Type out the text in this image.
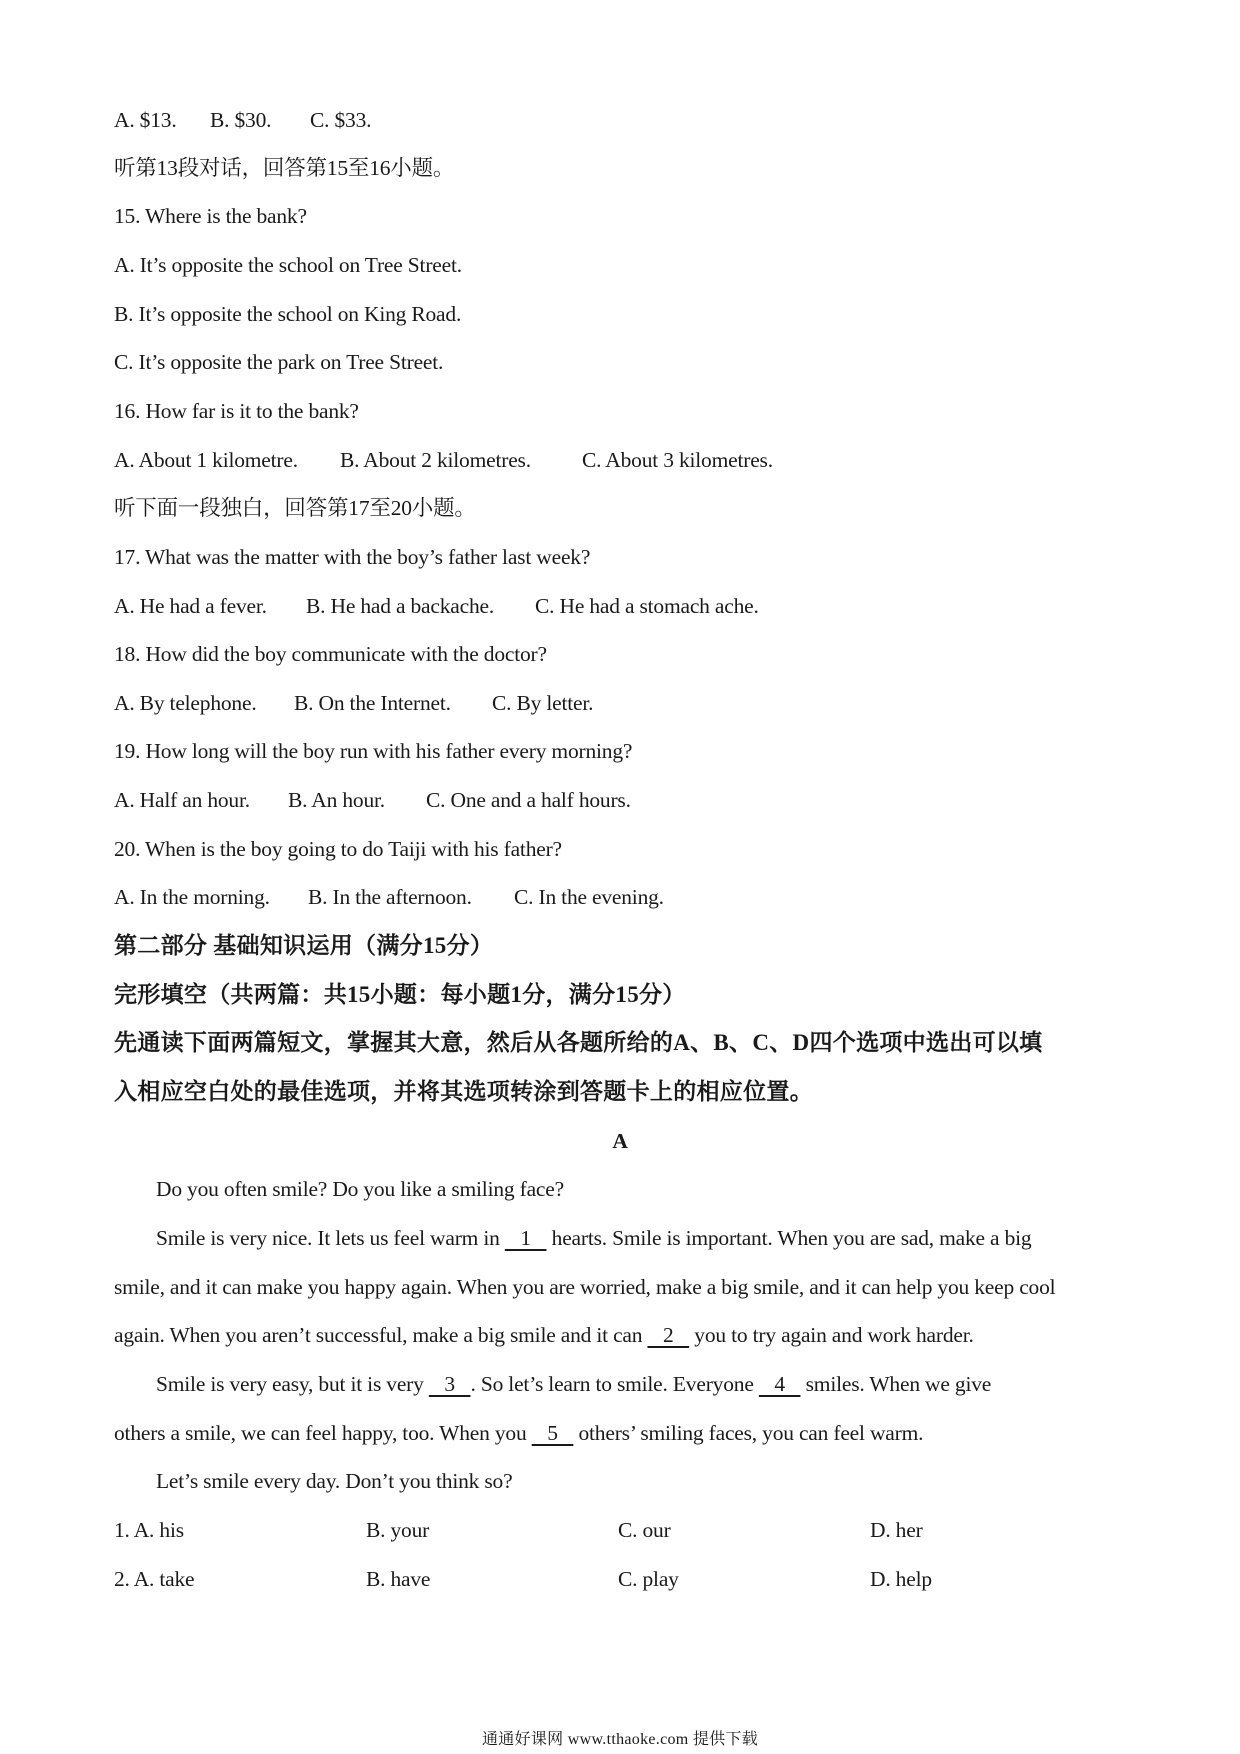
A. $13. B. $30. C. $33.
听第13段对话，回答第15至16小题。
15. Where is the bank?
A. It’s opposite the school on Tree Street.
B. It’s opposite the school on King Road.
C. It’s opposite the park on Tree Street.
16. How far is it to the bank?
A. About 1 kilometre. B. About 2 kilometres. C. About 3 kilometres.
听下面一段独白，回答第17至20小题。
17. What was the matter with the boy’s father last week?
A. He had a fever. B. He had a backache. C. He had a stomach ache.
18. How did the boy communicate with the doctor?
A. By telephone. B. On the Internet. C. By letter.
19. How long will the boy run with his father every morning?
A. Half an hour. B. An hour. C. One and a half hours.
20. When is the boy going to do Taiji with his father?
A. In the morning. B. In the afternoon. C. In the evening.
第二部分 基础知识运用（满分15分）
完形填空（共两篇：共15小题：每小题1分，满分15分）
先通读下面两篇短文，掌握其大意，然后从各题所给的A、B、C、D四个选项中选出可以填
入相应空白处的最佳选项，并将其选项转涂到答题卡上的相应位置。
A
Do you often smile? Do you like a smiling face?
Smile is very nice. It lets us feel warm in    1    hearts. Smile is important. When you are sad, make a big
smile, and it can make you happy again. When you are worried, make a big smile, and it can help you keep cool
again. When you aren’t successful, make a big smile and it can    2    you to try again and work harder.
Smile is very easy, but it is very    3   . So let’s learn to smile. Everyone    4    smiles. When we give
others a smile, we can feel happy, too. When you    5    others’ smiling faces, you can feel warm.
Let’s smile every day. Don’t you think so?
1. A. his	B. your	C. our	D. her
2. A. take	B. have	C. play	D. help
通通好课网 www.tthaoke.com 提供下载
